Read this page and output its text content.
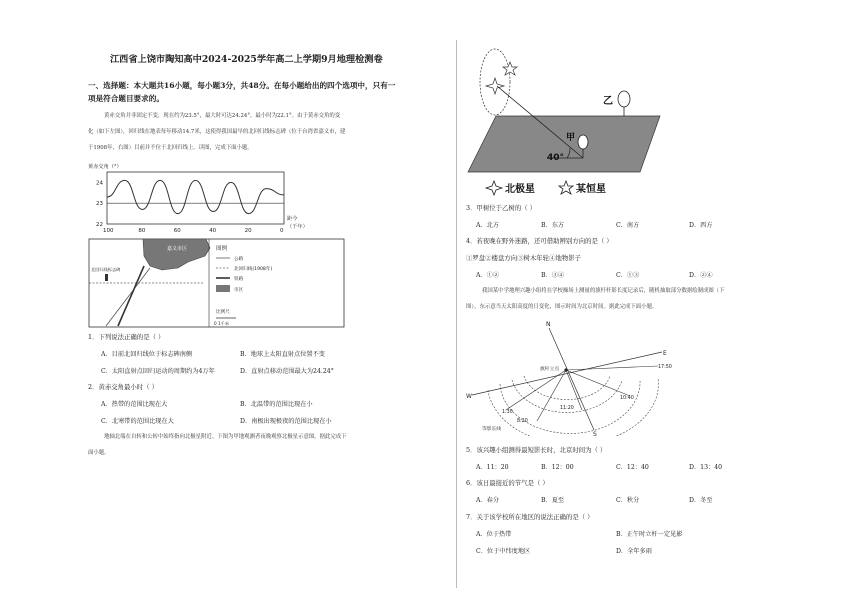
江西省上饶市陶知高中2024-2025学年高二上学期9月地理检测卷
一、选择题：本大题共16小题，每小题3分，共48分。在每小题给出的四个选项中，只有一
项是符合题目要求的。
黄赤交角并非固定不变，现在约为23.5°，最大时可达24.24°，最小时为22.1°。由于黄赤交角的变
化（如下左图），回归线在地表每年移动14.7米，这使得我国最早的北回归线标志碑（位于台湾省嘉义市，建
于1908年，右图）目前并不位于北回归线上。读图，完成下面小题。
黄赤交角（°）
24
23
22
100	80	60	40	20	0
距今
（千年）
嘉义市区
北回归线标志碑
图例
公路
北回归线(1908年)
铁路
市区
比例尺
0 1千米
1．下列说法正确的是（ ）
A．目前北回归线位于标志碑南侧	B．地球上太阳直射点位置不变
C．太阳直射点回归运动的周期约为4万年	D．直射点移动范围最大为24.24°
2．黄赤交角最小时（ ）
A．热带的范围比现在大	B．北温带的范围比现在小
C．北寒带的范围比现在大	D．南极出现极夜的范围比现在小
地轴北端在自转和公转中始终指向北极星附近。下图为甲地观测者夜晚观察北极星示意图。据此完成下
面小题。
40°
甲
乙
北极星	某恒星
3．甲树位于乙树的（ ）
A．北方	B．东方	C．南方	D．西方
4．若夜晚在野外迷路，还可借助辨别方向的是（ ）
①罗盘②楼盘方向③树木年轮④地物影子
A．①②	B．③④	C．①③	D．②④
我国某中学地理兴趣小组将在学校操场上测量的旗杆杆影长度记录后，随机抽取部分数据绘制成图（下
图），东示意当天太阳高度的日变化，图示时间为北京时间。据此完成下面小题。
N
S
E
W
旗杆立点	17:50
10:40
11:20
8:20
1:30
等影长线
5．该兴趣小组测得最短影长时，北京时间为（ ）
A．11：20	B．12：00	C．12：40	D．13：40
6．该日最接近的节气是（ ）
A．春分	B．夏至	C．秋分	D．冬至
7．关于该学校所在地区的说法正确的是（ ）
A．位于热带	B．正午时立杆一定见影
C．位于中纬度地区	D．全年多雨
